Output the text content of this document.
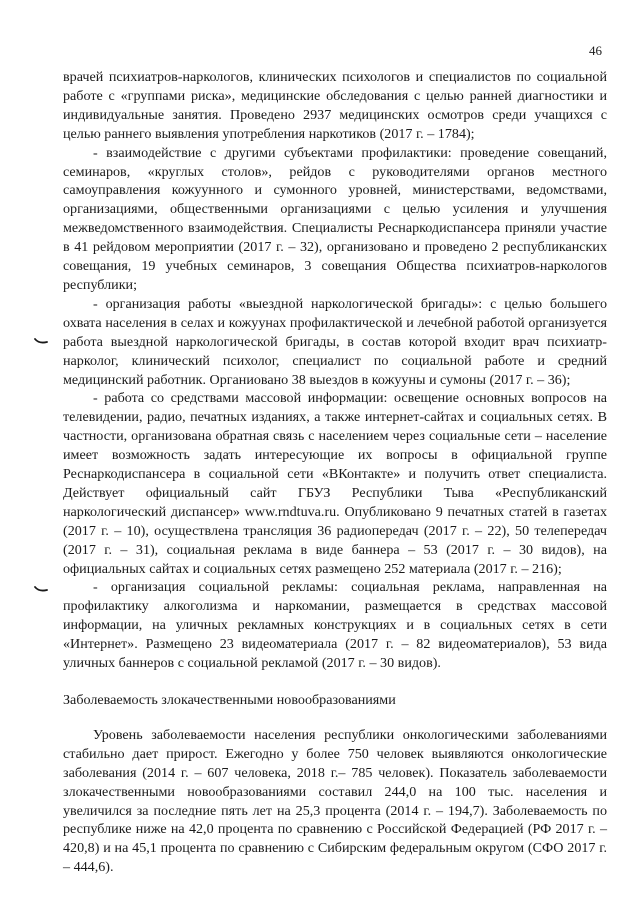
46

врачей психиатров-наркологов, клинических психологов и специалистов по социальной работе с «группами риска», медицинские обследования с целью ранней диагностики и индивидуальные занятия. Проведено 2937 медицинских осмотров среди учащихся с целью раннего выявления употребления наркотиков (2017 г. – 1784);

- взаимодействие с другими субъектами профилактики: проведение совещаний, семинаров, «круглых столов», рейдов с руководителями органов местного самоуправления кожуунного и сумонного уровней, министерствами, ведомствами, организациями, общественными организациями с целью усиления и улучшения межведомственного взаимодействия. Специалисты Реснаркодиспансера приняли участие в 41 рейдовом мероприятии (2017 г. – 32), организовано и проведено 2 республиканских совещания, 19 учебных семинаров, 3 совещания Общества психиатров-наркологов республики;

- организация работы «выездной наркологической бригады»: с целью большего охвата населения в селах и кожуунах профилактической и лечебной работой организуется работа выездной наркологической бригады, в состав которой входит врач психиатр-нарколог, клинический психолог, специалист по социальной работе и средний медицинский работник. Органиовано 38 выездов в кожууны и сумоны (2017 г. – 36);

- работа со средствами массовой информации: освещение основных вопросов на телевидении, радио, печатных изданиях, а также интернет-сайтах и социальных сетях. В частности, организована обратная связь с населением через социальные сети – население имеет возможность задать интересующие их вопросы в официальной группе Реснаркодиспансера в социальной сети «ВКонтакте» и получить ответ специалиста. Действует официальный сайт ГБУЗ Республики Тыва «Республиканский наркологический диспансер» www.rndtuva.ru. Опубликовано 9 печатных статей в газетах (2017 г. – 10), осуществлена трансляция 36 радиопередач (2017 г. – 22), 50 телепередач (2017 г. – 31), социальная реклама в виде баннера – 53 (2017 г. – 30 видов), на официальных сайтах и социальных сетях размещено 252 материала (2017 г. – 216);

- организация социальной рекламы: социальная реклама, направленная на профилактику алкоголизма и наркомании, размещается в средствах массовой информации, на уличных рекламных конструкциях и в социальных сетях в сети «Интернет». Размещено 23 видеоматериала (2017 г. – 82 видеоматериалов), 53 вида уличных баннеров с социальной рекламой (2017 г. – 30 видов).

Заболеваемость злокачественными новообразованиями

Уровень заболеваемости населения республики онкологическими заболеваниями стабильно дает прирост. Ежегодно у более 750 человек выявляются онкологические заболевания (2014 г. – 607 человека, 2018 г.– 785 человек). Показатель заболеваемости злокачественными новообразованиями составил 244,0 на 100 тыс. населения и увеличился за последние пять лет на 25,3 процента (2014 г. – 194,7). Заболеваемость по республике ниже на 42,0 процента по сравнению с Российской Федерацией (РФ 2017 г. – 420,8) и на 45,1 процента по сравнению с Сибирским федеральным округом (СФО 2017 г. – 444,6).
